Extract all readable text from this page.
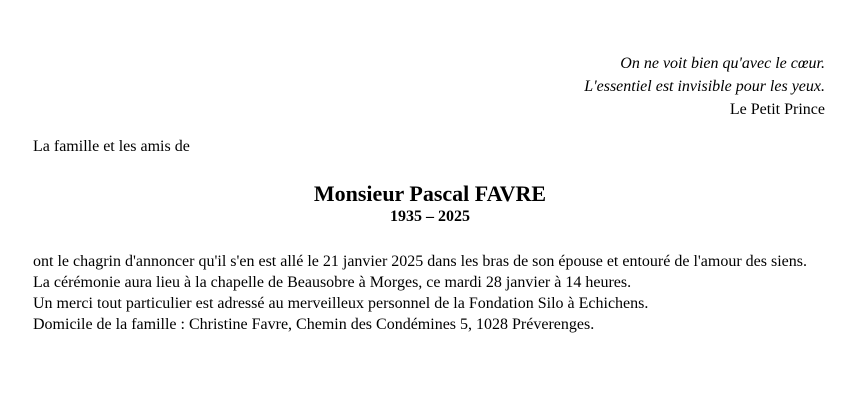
On ne voit bien qu'avec le cœur.
L'essentiel est invisible pour les yeux.
Le Petit Prince
La famille et les amis de
Monsieur Pascal FAVRE
1935 – 2025

ont le chagrin d'annoncer qu'il s'en est allé le 21 janvier 2025 dans les bras de son épouse et entouré de l'amour des siens.

La cérémonie aura lieu à la chapelle de Beausobre à Morges, ce mardi 28 janvier à 14 heures.

Un merci tout particulier est adressé au merveilleux personnel de la Fondation Silo à Echichens.

Domicile de la famille : Christine Favre, Chemin des Condémines 5, 1028 Préverenges.
